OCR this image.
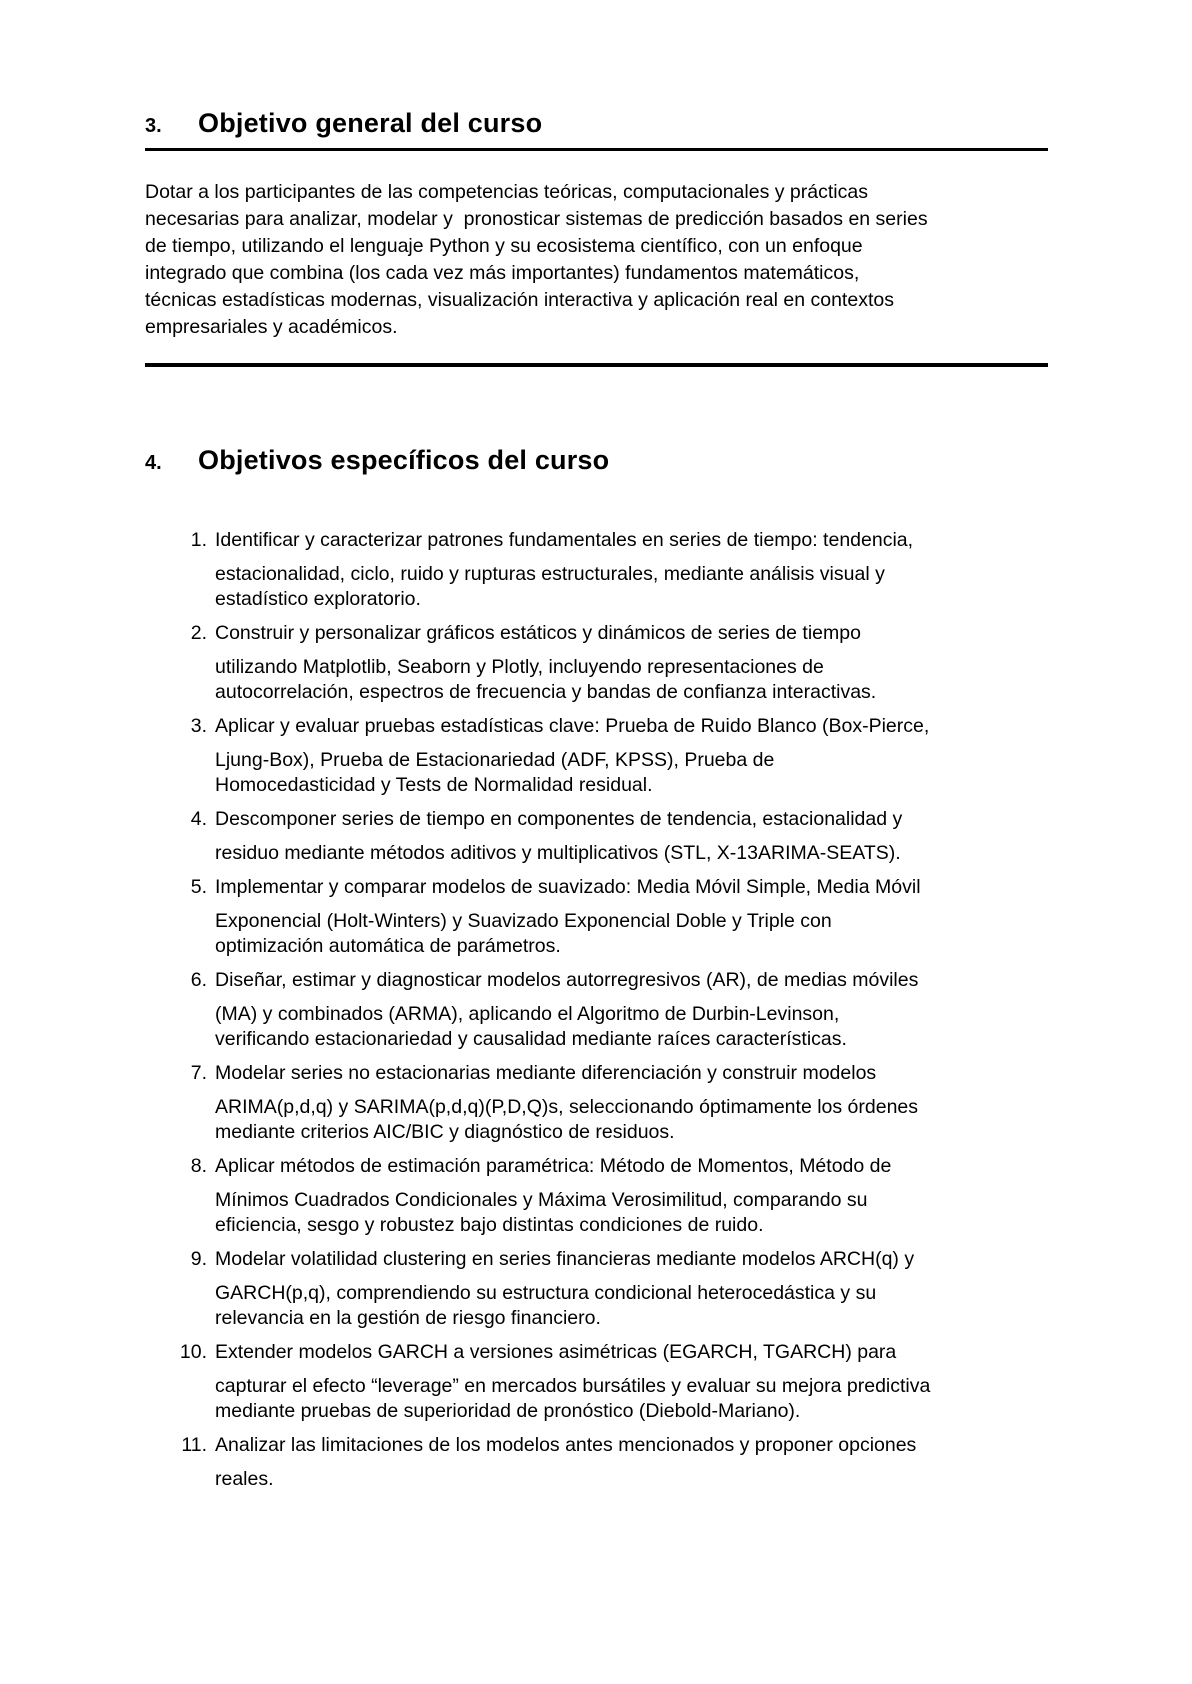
3.	Objetivo general del curso
Dotar a los participantes de las competencias teóricas, computacionales y prácticas
necesarias para analizar, modelar y  pronosticar sistemas de predicción basados en series
de tiempo, utilizando el lenguaje Python y su ecosistema científico, con un enfoque
integrado que combina (los cada vez más importantes) fundamentos matemáticos,
técnicas estadísticas modernas, visualización interactiva y aplicación real en contextos
empresariales y académicos.
4.	Objetivos específicos del curso
1. Identificar y caracterizar patrones fundamentales en series de tiempo: tendencia,
estacionalidad, ciclo, ruido y rupturas estructurales, mediante análisis visual y
estadístico exploratorio.
2. Construir y personalizar gráficos estáticos y dinámicos de series de tiempo
utilizando Matplotlib, Seaborn y Plotly, incluyendo representaciones de
autocorrelación, espectros de frecuencia y bandas de confianza interactivas.
3. Aplicar y evaluar pruebas estadísticas clave: Prueba de Ruido Blanco (Box-Pierce,
Ljung-Box), Prueba de Estacionariedad (ADF, KPSS), Prueba de
Homocedasticidad y Tests de Normalidad residual.
4. Descomponer series de tiempo en componentes de tendencia, estacionalidad y
residuo mediante métodos aditivos y multiplicativos (STL, X-13ARIMA-SEATS).
5. Implementar y comparar modelos de suavizado: Media Móvil Simple, Media Móvil
Exponencial (Holt-Winters) y Suavizado Exponencial Doble y Triple con
optimización automática de parámetros.
6. Diseñar, estimar y diagnosticar modelos autorregresivos (AR), de medias móviles
(MA) y combinados (ARMA), aplicando el Algoritmo de Durbin-Levinson,
verificando estacionariedad y causalidad mediante raíces características.
7. Modelar series no estacionarias mediante diferenciación y construir modelos
ARIMA(p,d,q) y SARIMA(p,d,q)(P,D,Q)s, seleccionando óptimamente los órdenes
mediante criterios AIC/BIC y diagnóstico de residuos.
8. Aplicar métodos de estimación paramétrica: Método de Momentos, Método de
Mínimos Cuadrados Condicionales y Máxima Verosimilitud, comparando su
eficiencia, sesgo y robustez bajo distintas condiciones de ruido.
9. Modelar volatilidad clustering en series financieras mediante modelos ARCH(q) y
GARCH(p,q), comprendiendo su estructura condicional heterocedástica y su
relevancia en la gestión de riesgo financiero.
10. Extender modelos GARCH a versiones asimétricas (EGARCH, TGARCH) para
capturar el efecto “leverage” en mercados bursátiles y evaluar su mejora predictiva
mediante pruebas de superioridad de pronóstico (Diebold-Mariano).
11. Analizar las limitaciones de los modelos antes mencionados y proponer opciones
reales.
